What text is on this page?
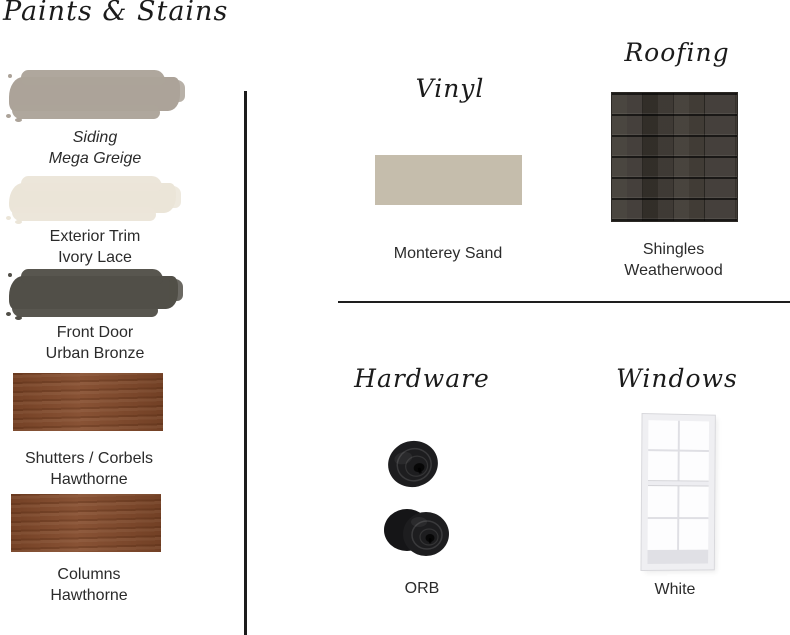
Paints & Stains
Siding
Mega Greige
Exterior Trim
Ivory Lace
Front Door
Urban Bronze
Shutters / Corbels
Hawthorne
Columns
Hawthorne
Vinyl
Monterey Sand
Roofing
Shingles
Weatherwood
Hardware
ORB
Windows
White
